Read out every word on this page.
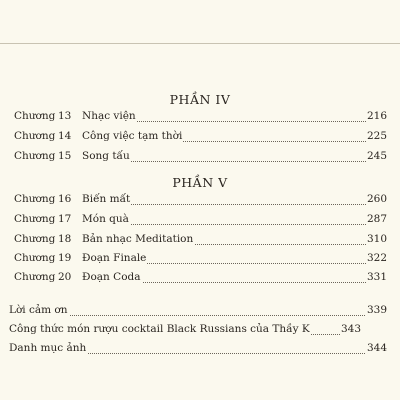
PHẦN IV
Chương 13 Nhạc viện	216
Chương 14 Công việc tạm thời	225
Chương 15 Song tấu	245
PHẦN V
Chương 16 Biến mất	260
Chương 17 Món quà	287
Chương 18 Bản nhạc Meditation	310
Chương 19 Đoạn Finale	322
Chương 20 Đoạn Coda	331
Lời cảm ơn	339
Công thức món rượu cocktail Black Russians của Thầy K	343
Danh mục ảnh	344
